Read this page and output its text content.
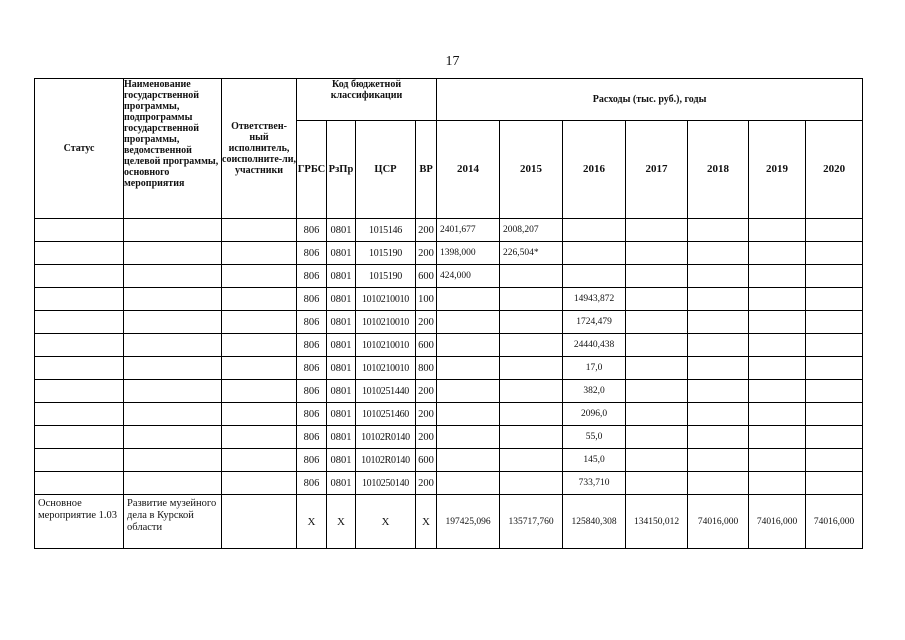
17
Статус	Наименование государственной программы, подпрограммы государственной программы, ведомственной целевой программы, основного мероприятия	Ответствен-ный исполнитель, соисполните-ли, участники	Код бюджетной классификации				Расходы (тыс. руб.), годы						
			ГРБС	РзПр	ЦСР	ВР	2014	2015	2016	2017	2018	2019	2020
			806	0801	1015146	200	2401,677	2008,207					
			806	0801	1015190	200	1398,000	226,504*					
			806	0801	1015190	600	424,000						
			806	0801	1010210010	100			14943,872				
			806	0801	1010210010	200			1724,479				
			806	0801	1010210010	600			24440,438				
			806	0801	1010210010	800			17,0				
			806	0801	1010251440	200			382,0				
			806	0801	1010251460	200			2096,0				
			806	0801	10102R0140	200			55,0				
			806	0801	10102R0140	600			145,0				
			806	0801	1010250140	200			733,710				
Основное мероприятие 1.03	Развитие музейного дела в Курской области		Х	Х	Х	Х	197425,096	135717,760	125840,308	134150,012	74016,000	74016,000	74016,000
